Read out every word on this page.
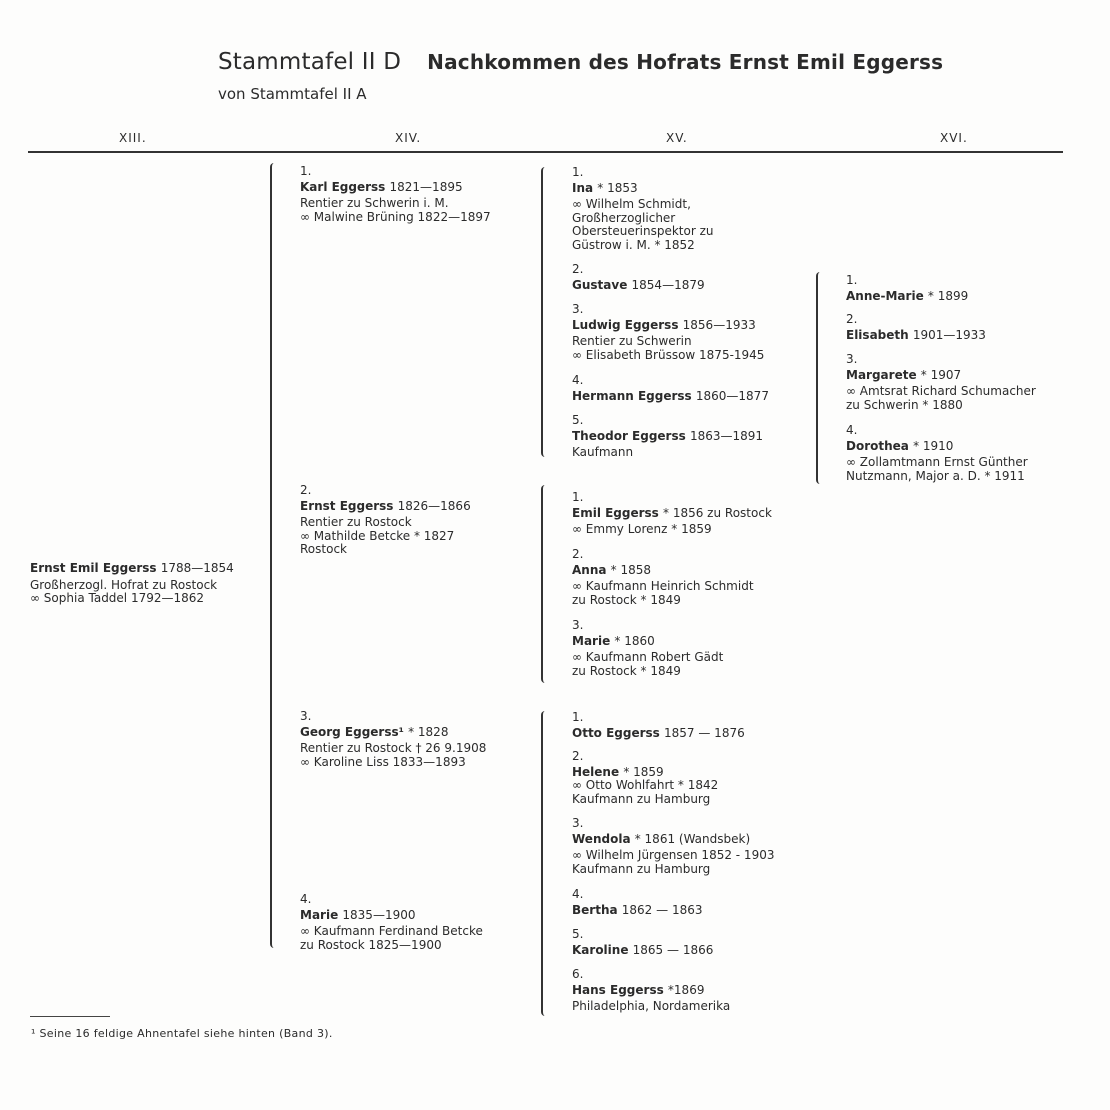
Stammtafel II D Nachkommen des Hofrats Ernst Emil Eggerss
von Stammtafel II A
XIII.	XIV.	XV.	XVI.
Ernst Emil Eggerss 1788—1854
Großherzogl. Hofrat zu Rostock
∞ Sophia Taddel 1792—1862
1.
Karl Eggerss 1821—1895
Rentier zu Schwerin i. M.
∞ Malwine Brüning 1822—1897
2.
Ernst Eggerss 1826—1866
Rentier zu Rostock
∞ Mathilde Betcke * 1827
Rostock
3.
Georg Eggerss¹ * 1828
Rentier zu Rostock † 26 9.1908
∞ Karoline Liss 1833—1893
4.
Marie 1835—1900
∞ Kaufmann Ferdinand Betcke
zu Rostock 1825—1900
1.
Ina * 1853
∞ Wilhelm Schmidt,
Großherzoglicher
Obersteuerinspektor zu
Güstrow i. M. * 1852
2.
Gustave 1854—1879
3.
Ludwig Eggerss 1856—1933
Rentier zu Schwerin
∞ Elisabeth Brüssow 1875-1945
4.
Hermann Eggerss 1860—1877
5.
Theodor Eggerss 1863—1891
Kaufmann
1.
Emil Eggerss * 1856 zu Rostock
∞ Emmy Lorenz * 1859
2.
Anna * 1858
∞ Kaufmann Heinrich Schmidt
zu Rostock * 1849
3.
Marie * 1860
∞ Kaufmann Robert Gädt
zu Rostock * 1849
1.
Otto Eggerss 1857 — 1876
2.
Helene * 1859
∞ Otto Wohlfahrt * 1842
Kaufmann zu Hamburg
3.
Wendola * 1861 (Wandsbek)
∞ Wilhelm Jürgensen 1852 - 1903
Kaufmann zu Hamburg
4.
Bertha 1862 — 1863
5.
Karoline 1865 — 1866
6.
Hans Eggerss *1869
Philadelphia, Nordamerika
1.
Anne-Marie * 1899
2.
Elisabeth 1901—1933
3.
Margarete * 1907
∞ Amtsrat Richard Schumacher
zu Schwerin * 1880
4.
Dorothea * 1910
∞ Zollamtmann Ernst Günther
Nutzmann, Major a. D. * 1911
¹ Seine 16 feldige Ahnentafel siehe hinten (Band 3).
